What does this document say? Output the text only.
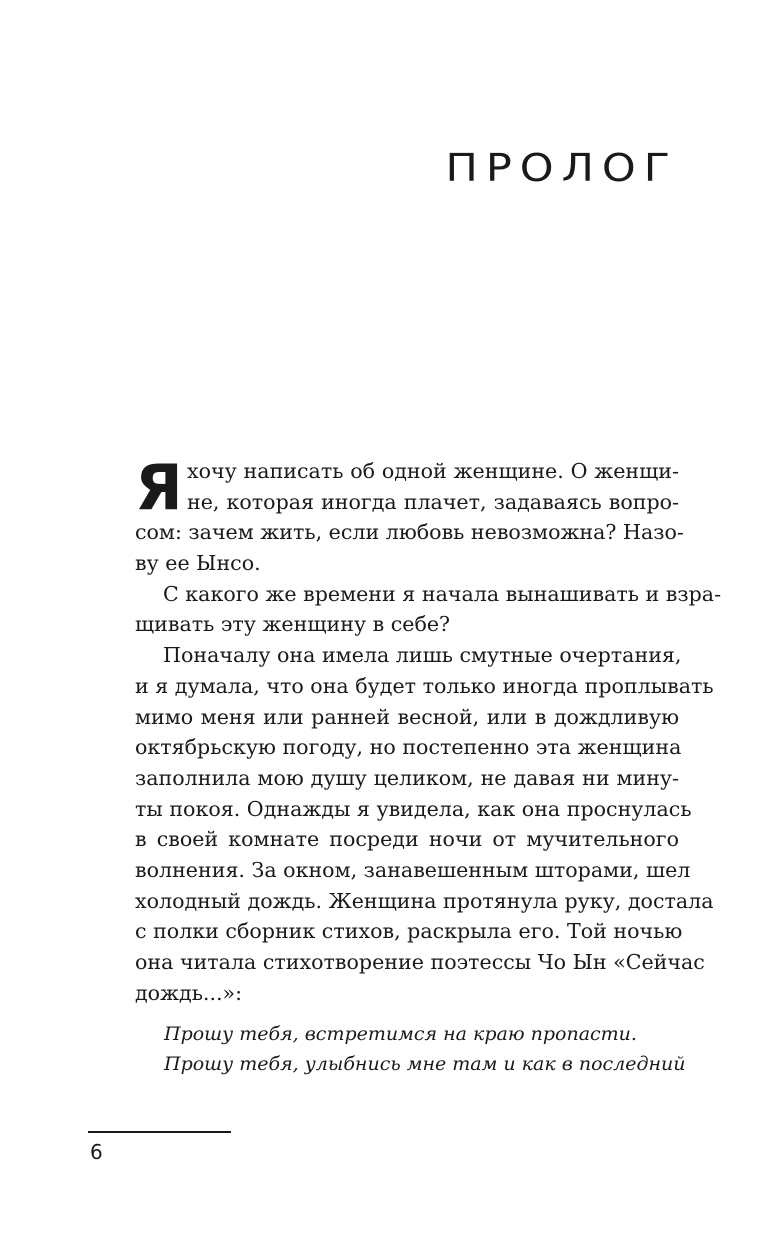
ПРОЛОГ
Я хочу написать об одной женщине. О женщи-
не, которая иногда плачет, задаваясь вопро-
сом: зачем жить, если любовь невозможна? Назо-
ву ее Ынсо.
С какого же времени я начала вынашивать и взра-
щивать эту женщину в себе?
Поначалу она имела лишь смутные очертания,
и я думала, что она будет только иногда проплывать
мимо меня или ранней весной, или в дождливую
октябрьскую погоду, но постепенно эта женщина
заполнила мою душу целиком, не давая ни мину-
ты покоя. Однажды я увидела, как она проснулась
в своей комнате посреди ночи от мучительного
волнения. За окном, занавешенным шторами, шел
холодный дождь. Женщина протянула руку, достала
с полки сборник стихов, раскрыла его. Той ночью
она читала стихотворение поэтессы Чо Ын «Сейчас
дождь...»:
Прошу тебя, встретимся на краю пропасти.
Прошу тебя, улыбнись мне там и как в последний
6
